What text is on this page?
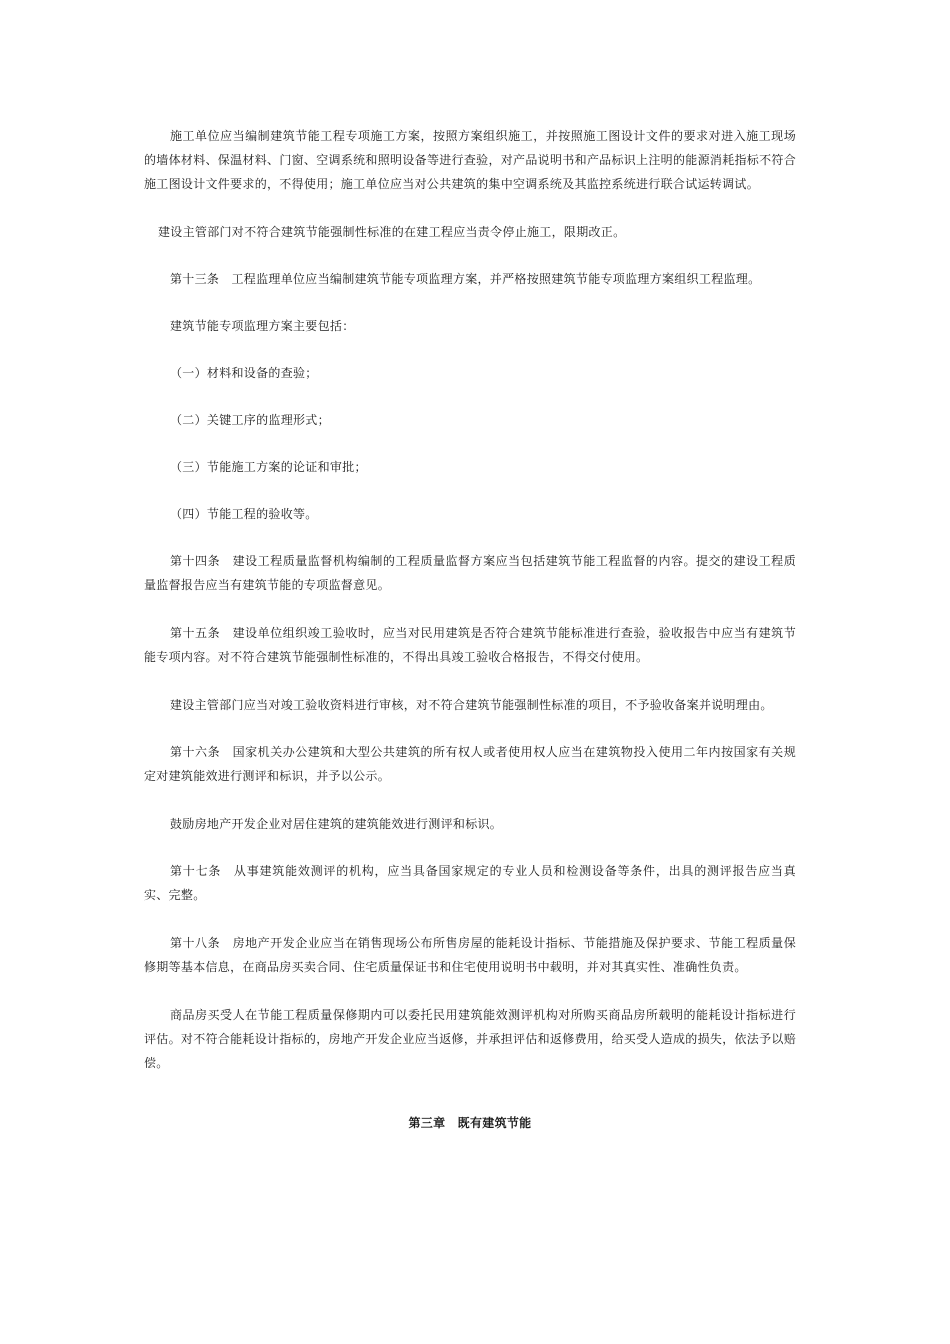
施工单位应当编制建筑节能工程专项施工方案，按照方案组织施工，并按照施工图设计文件的要求对进入施工现场的墙体材料、保温材料、门窗、空调系统和照明设备等进行查验，对产品说明书和产品标识上注明的能源消耗指标不符合施工图设计文件要求的，不得使用；施工单位应当对公共建筑的集中空调系统及其监控系统进行联合试运转调试。

建设主管部门对不符合建筑节能强制性标准的在建工程应当责令停止施工，限期改正。

第十三条　工程监理单位应当编制建筑节能专项监理方案，并严格按照建筑节能专项监理方案组织工程监理。

建筑节能专项监理方案主要包括：

（一）材料和设备的查验；

（二）关键工序的监理形式；

（三）节能施工方案的论证和审批；

（四）节能工程的验收等。

第十四条　建设工程质量监督机构编制的工程质量监督方案应当包括建筑节能工程监督的内容。提交的建设工程质量监督报告应当有建筑节能的专项监督意见。

第十五条　建设单位组织竣工验收时，应当对民用建筑是否符合建筑节能标准进行查验，验收报告中应当有建筑节能专项内容。对不符合建筑节能强制性标准的，不得出具竣工验收合格报告，不得交付使用。

建设主管部门应当对竣工验收资料进行审核，对不符合建筑节能强制性标准的项目，不予验收备案并说明理由。

第十六条　国家机关办公建筑和大型公共建筑的所有权人或者使用权人应当在建筑物投入使用二年内按国家有关规定对建筑能效进行测评和标识，并予以公示。

鼓励房地产开发企业对居住建筑的建筑能效进行测评和标识。

第十七条　从事建筑能效测评的机构，应当具备国家规定的专业人员和检测设备等条件，出具的测评报告应当真实、完整。

第十八条　房地产开发企业应当在销售现场公布所售房屋的能耗设计指标、节能措施及保护要求、节能工程质量保修期等基本信息，在商品房买卖合同、住宅质量保证书和住宅使用说明书中载明，并对其真实性、准确性负责。

商品房买受人在节能工程质量保修期内可以委托民用建筑能效测评机构对所购买商品房所载明的能耗设计指标进行评估。对不符合能耗设计指标的，房地产开发企业应当返修，并承担评估和返修费用，给买受人造成的损失，依法予以赔偿。

第三章　既有建筑节能
